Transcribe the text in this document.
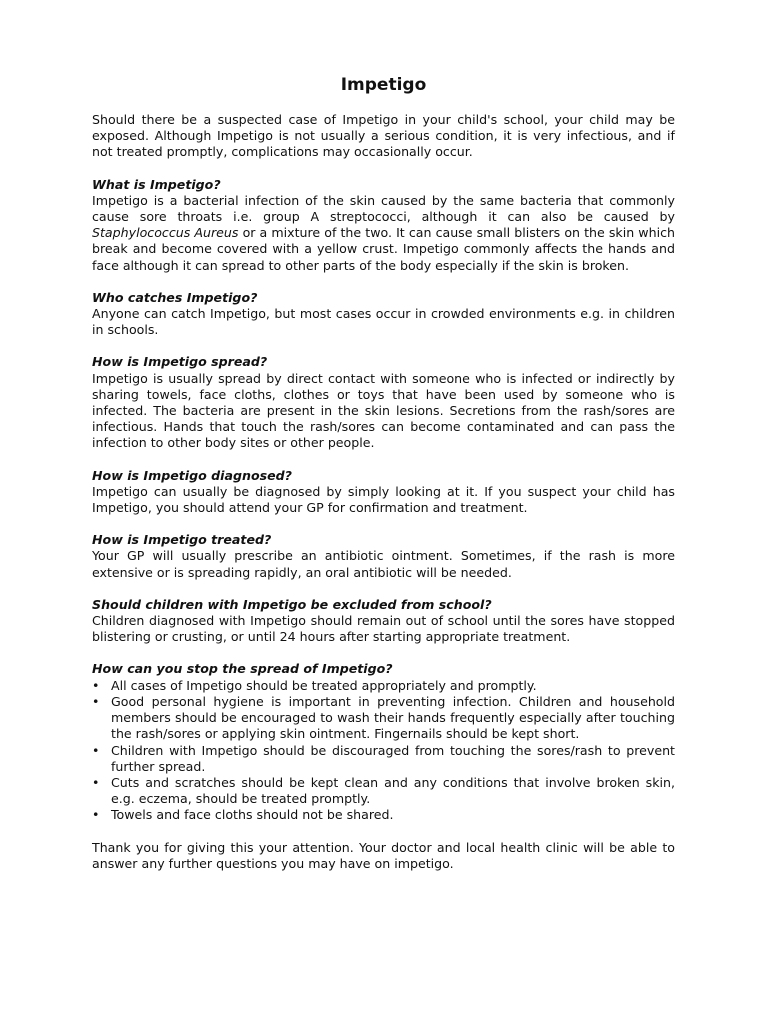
Impetigo

Should there be a suspected case of Impetigo in your child's school, your child may be exposed. Although Impetigo is not usually a serious condition, it is very infectious, and if not treated promptly, complications may occasionally occur.

What is Impetigo?

Impetigo is a bacterial infection of the skin caused by the same bacteria that commonly cause sore throats i.e. group A streptococci, although it can also be caused by Staphylococcus Aureus or a mixture of the two. It can cause small blisters on the skin which break and become covered with a yellow crust. Impetigo commonly affects the hands and face although it can spread to other parts of the body especially if the skin is broken.

Who catches Impetigo?

Anyone can catch Impetigo, but most cases occur in crowded environments e.g. in children in schools.

How is Impetigo spread?

Impetigo is usually spread by direct contact with someone who is infected or indirectly by sharing towels, face cloths, clothes or toys that have been used by someone who is infected. The bacteria are present in the skin lesions. Secretions from the rash/sores are infectious. Hands that touch the rash/sores can become contaminated and can pass the infection to other body sites or other people.

How is Impetigo diagnosed?

Impetigo can usually be diagnosed by simply looking at it. If you suspect your child has Impetigo, you should attend your GP for confirmation and treatment.

How is Impetigo treated?

Your GP will usually prescribe an antibiotic ointment. Sometimes, if the rash is more extensive or is spreading rapidly, an oral antibiotic will be needed.

Should children with Impetigo be excluded from school?

Children diagnosed with Impetigo should remain out of school until the sores have stopped blistering or crusting, or until 24 hours after starting appropriate treatment.

How can you stop the spread of Impetigo?

• All cases of Impetigo should be treated appropriately and promptly.
• Good personal hygiene is important in preventing infection. Children and household members should be encouraged to wash their hands frequently especially after touching the rash/sores or applying skin ointment. Fingernails should be kept short.
• Children with Impetigo should be discouraged from touching the sores/rash to prevent further spread.
• Cuts and scratches should be kept clean and any conditions that involve broken skin, e.g. eczema, should be treated promptly.
• Towels and face cloths should not be shared.

Thank you for giving this your attention. Your doctor and local health clinic will be able to answer any further questions you may have on impetigo.
